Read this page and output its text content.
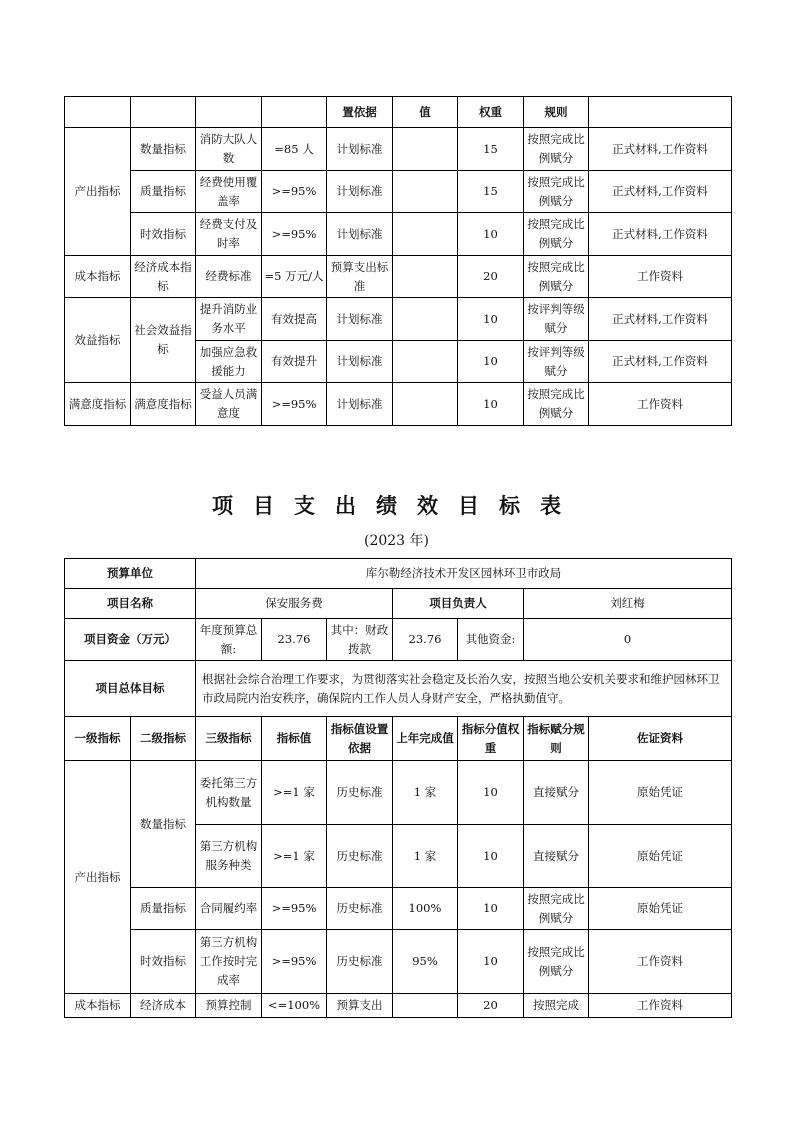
				置依据	值	权重	规则	
产出指标	数量指标	消防大队人数	=85 人	计划标准		15	按照完成比例赋分	正式材料,工作资料
	质量指标	经费使用覆盖率	>=95%	计划标准		15	按照完成比例赋分	正式材料,工作资料
	时效指标	经费支付及时率	>=95%	计划标准		10	按照完成比例赋分	正式材料,工作资料
成本指标	经济成本指标	经费标准	=5 万元/人	预算支出标准		20	按照完成比例赋分	工作资料
效益指标	社会效益指标	提升消防业务水平	有效提高	计划标准		10	按评判等级赋分	正式材料,工作资料
		加强应急救援能力	有效提升	计划标准		10	按评判等级赋分	正式材料,工作资料
满意度指标	满意度指标	受益人员满意度	>=95%	计划标准		10	按照完成比例赋分	工作资料
项目支出绩效目标表
(2023 年)
预算单位		库尔勒经济技术开发区园林环卫市政局						
项目名称		保安服务费			项目负责人		刘红梅	
项目资金（万元）		年度预算总额:	23.76	其中：财政拨款	23.76	其他资金:	0	
项目总体目标		根据社会综合治理工作要求，为贯彻落实社会稳定及长治久安，按照当地公安机关要求和维护园林环卫市政局院内治安秩序，确保院内工作人员人身财产安全，严格执勤值守。						
一级指标	二级指标	三级指标	指标值	指标值设置依据	上年完成值	指标分值权重	指标赋分规则	佐证资料
产出指标	数量指标	委托第三方机构数量	>=1 家	历史标准	1 家	10	直接赋分	原始凭证
		第三方机构服务种类	>=1 家	历史标准	1 家	10	直接赋分	原始凭证
	质量指标	合同履约率	>=95%	历史标准	100%	10	按照完成比例赋分	原始凭证
	时效指标	第三方机构工作按时完成率	>=95%	历史标准	95%	10	按照完成比例赋分	工作资料
成本指标	经济成本	预算控制	<=100%	预算支出		20	按照完成	工作资料
